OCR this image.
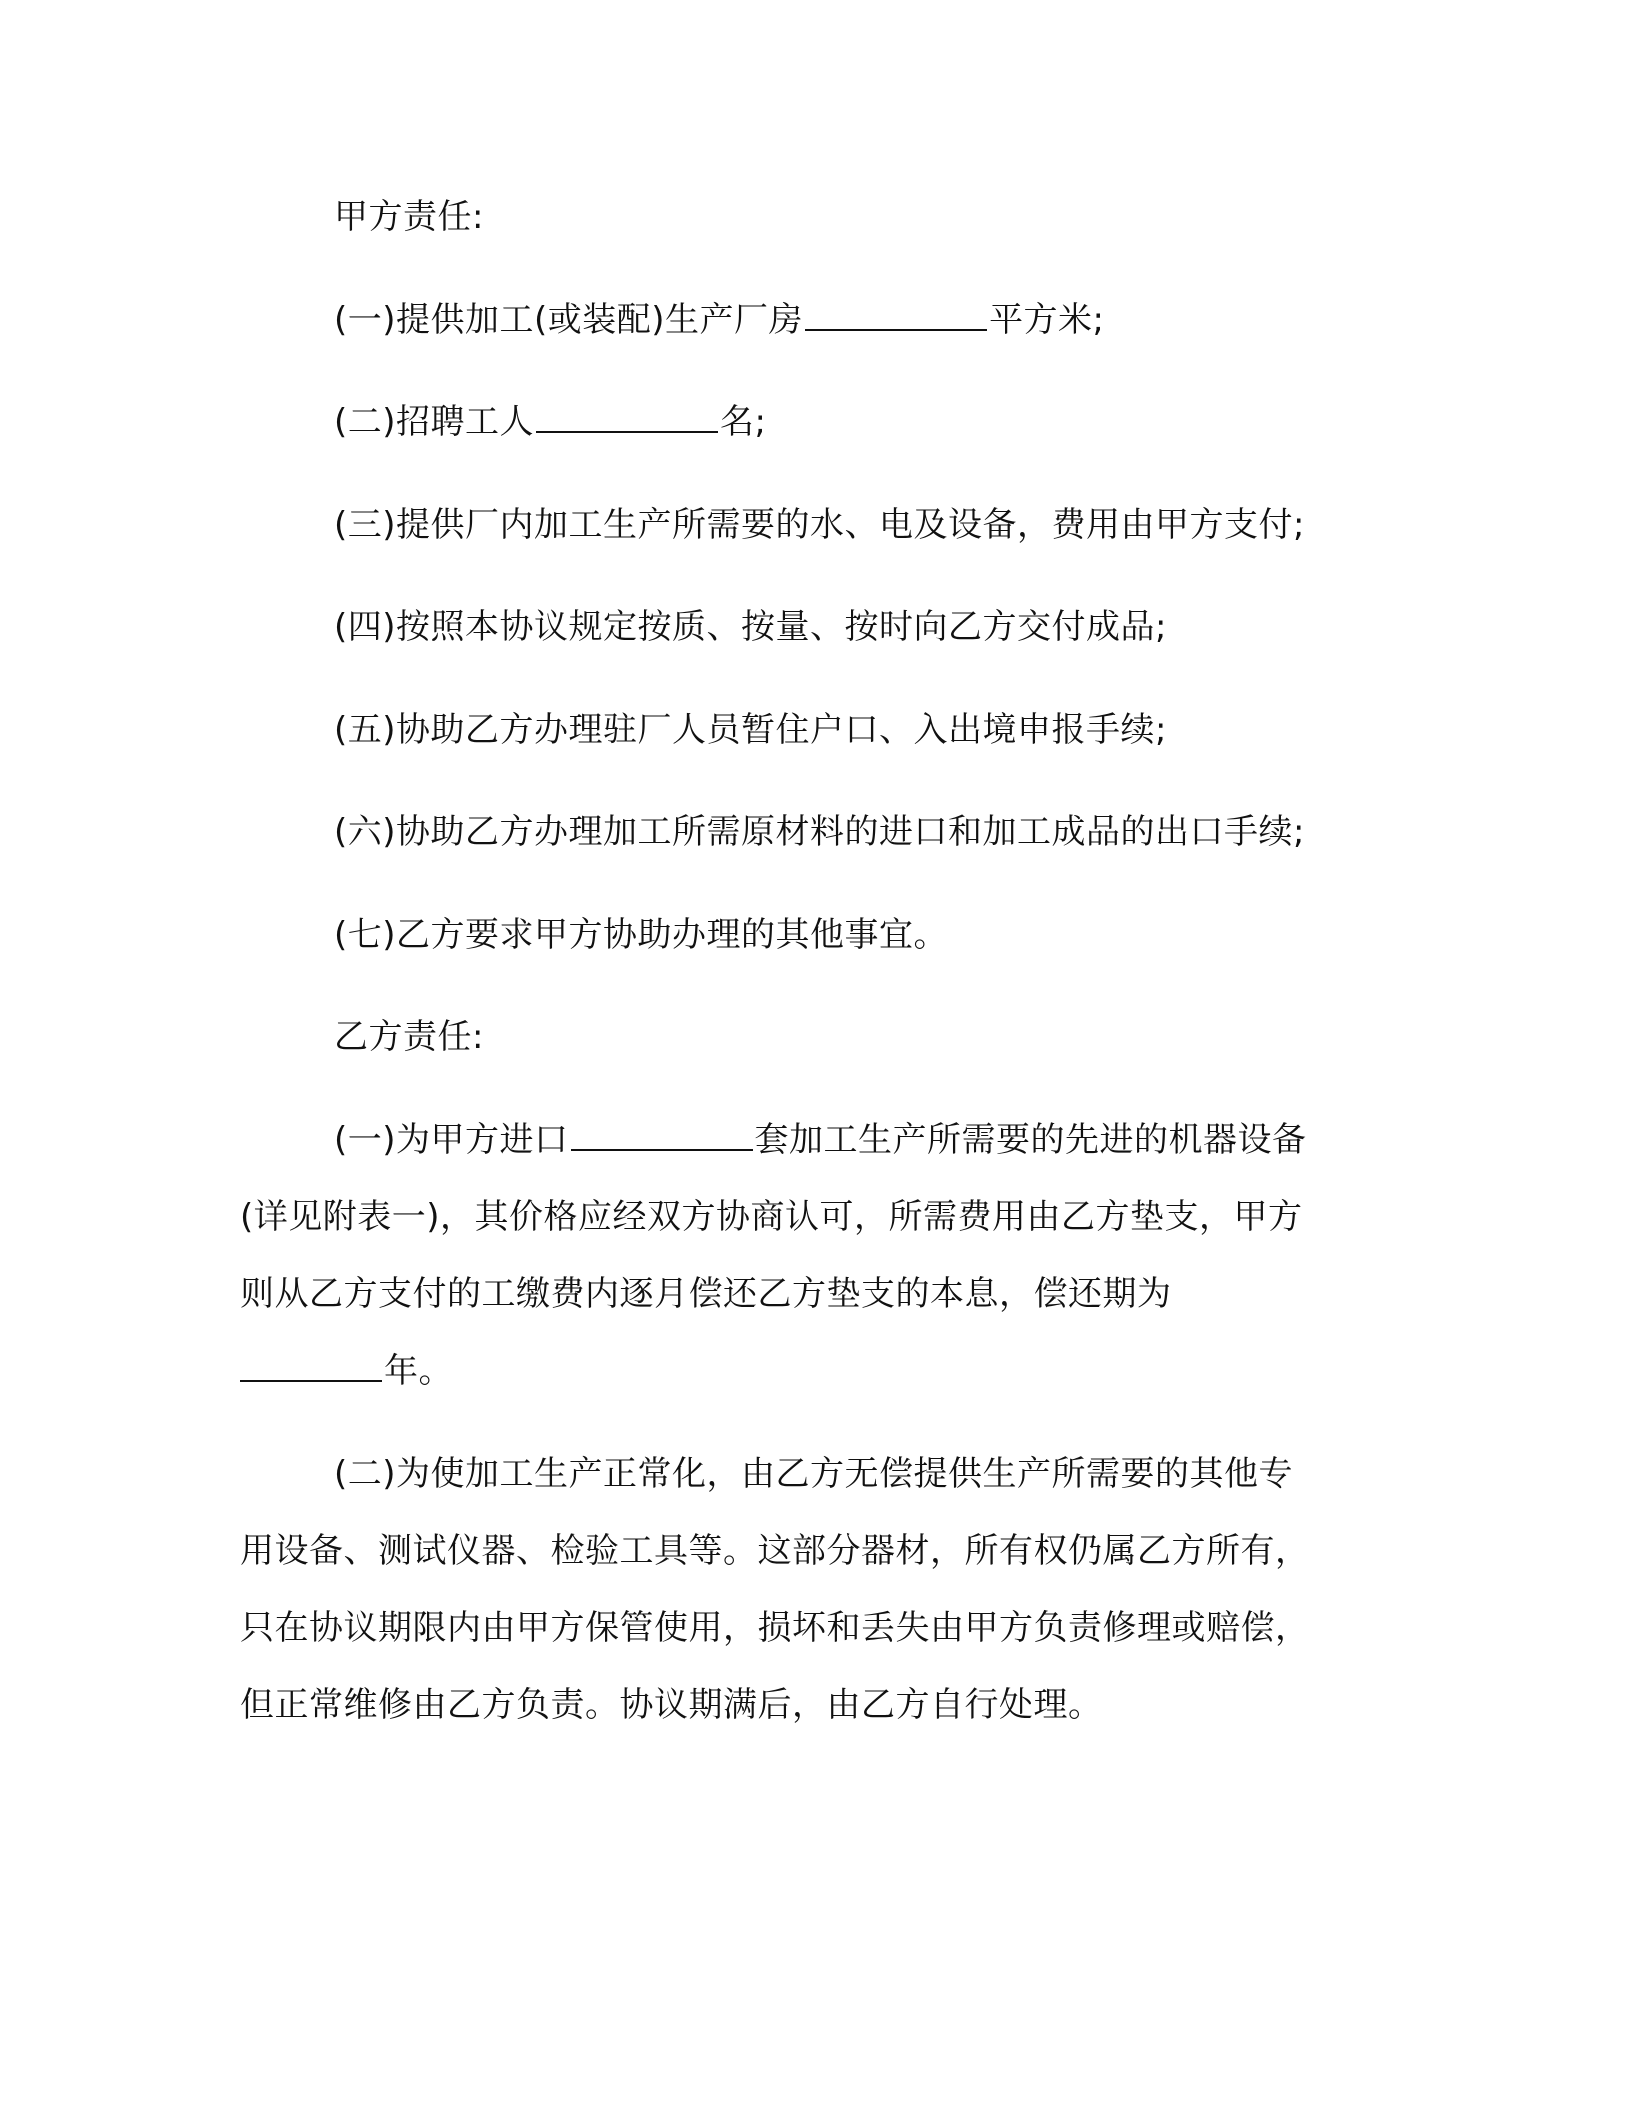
甲方责任:
(一)提供加工(或装配)生产厂房	平方米;
(二)招聘工人	名;
(三)提供厂内加工生产所需要的水、电及设备，费用由甲方支付;
(四)按照本协议规定按质、按量、按时向乙方交付成品;
(五)协助乙方办理驻厂人员暂住户口、入出境申报手续;
(六)协助乙方办理加工所需原材料的进口和加工成品的出口手续;
(七)乙方要求甲方协助办理的其他事宜。
乙方责任:
(一)为甲方进口	套加工生产所需要的先进的机器设备
(详见附表一)，其价格应经双方协商认可，所需费用由乙方垫支，甲方
则从乙方支付的工缴费内逐月偿还乙方垫支的本息，偿还期为
年。
(二)为使加工生产正常化，由乙方无偿提供生产所需要的其他专
用设备、测试仪器、检验工具等。这部分器材，所有权仍属乙方所有，
只在协议期限内由甲方保管使用，损坏和丢失由甲方负责修理或赔偿，
但正常维修由乙方负责。协议期满后，由乙方自行处理。
